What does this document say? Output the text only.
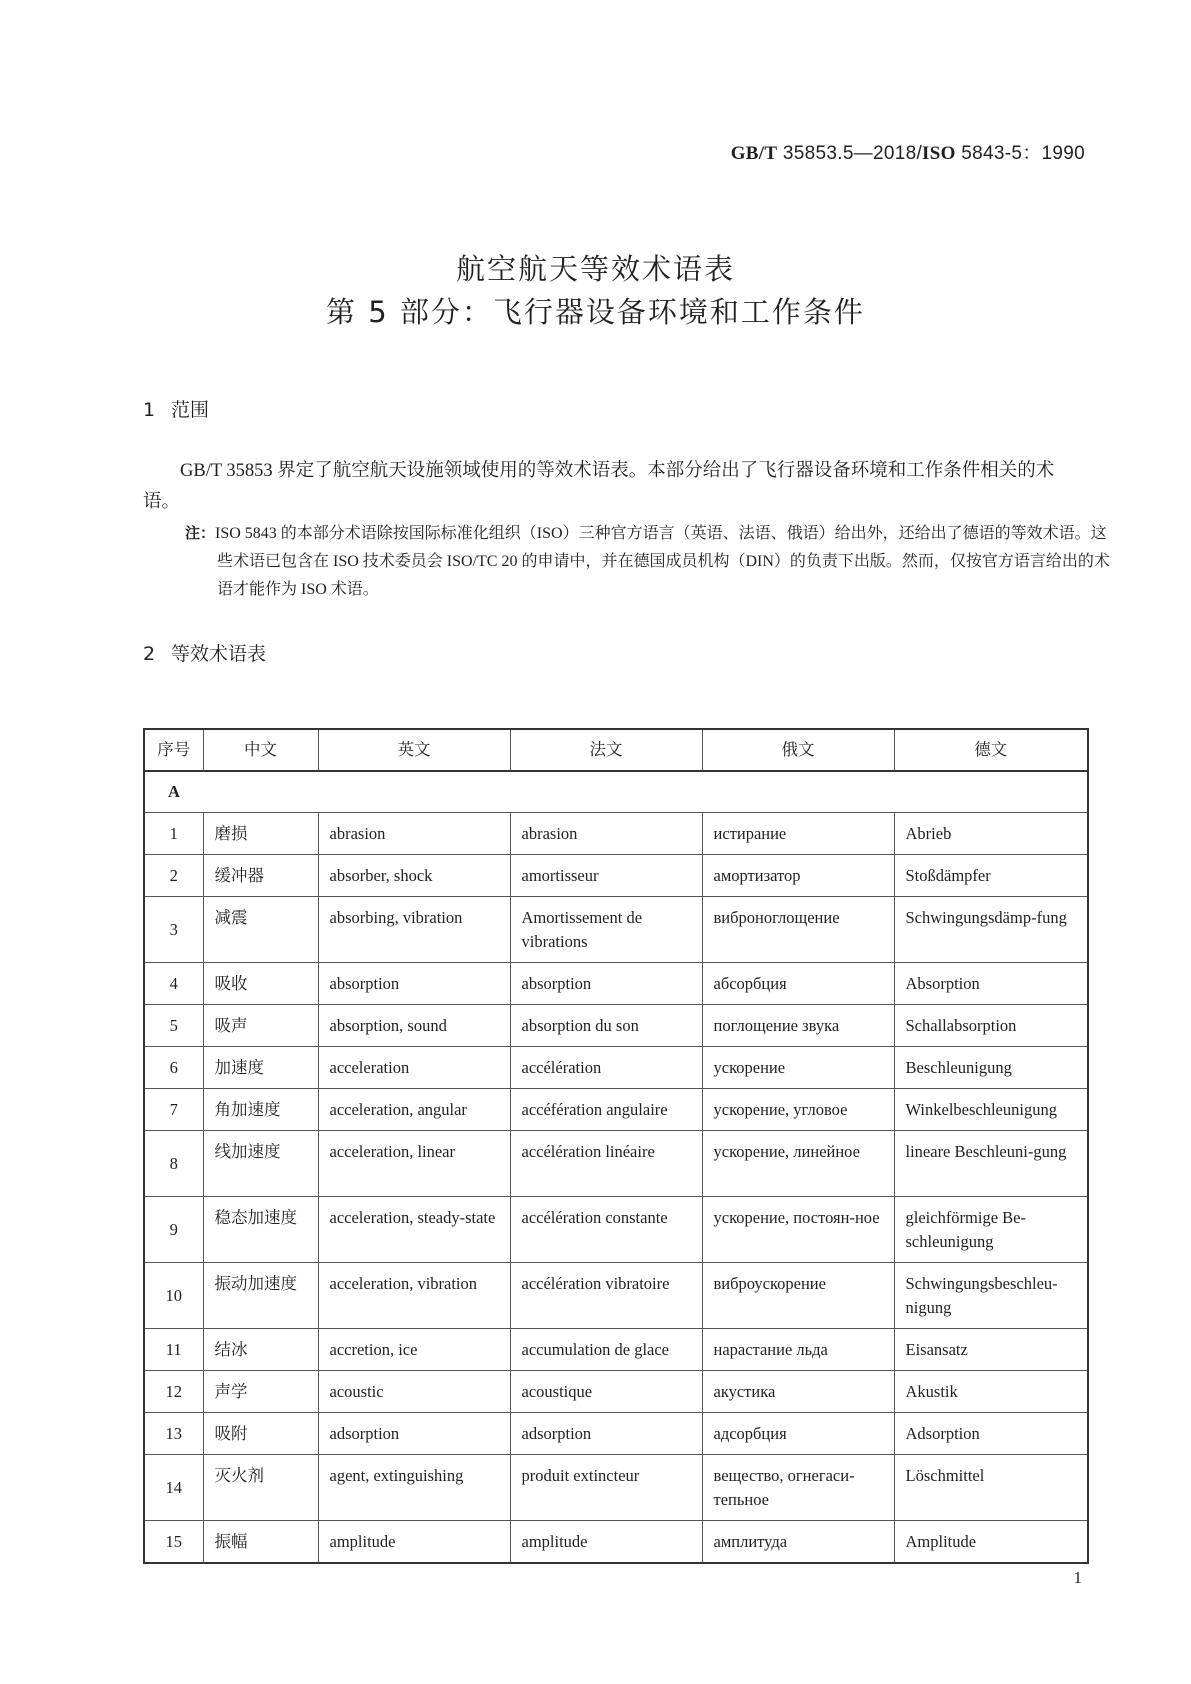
GB/T 35853.5—2018/ISO 5843-5：1990
航空航天等效术语表
第 5 部分：飞行器设备环境和工作条件
1 范围
GB/T 35853 界定了航空航天设施领域使用的等效术语表。本部分给出了飞行器设备环境和工作条件相关的术语。
注：ISO 5843 的本部分术语除按国际标准化组织（ISO）三种官方语言（英语、法语、俄语）给出外，还给出了德语的等效术语。这些术语已包含在 ISO 技术委员会 ISO/TC 20 的申请中，并在德国成员机构（DIN）的负责下出版。然而，仅按官方语言给出的术语才能作为 ISO 术语。
2 等效术语表
序号	中文	英文	法文	俄文	德文
A					
1	磨损	abrasion	abrasion	истирание	Abrieb
2	缓冲器	absorber, shock	amortisseur	амортизатор	Stoßdämpfer
3	减震	absorbing, vibration	Amortissement de vibrations	виброноглощение	Schwingungsdämp-fung
4	吸收	absorption	absorption	абсорбция	Absorption
5	吸声	absorption, sound	absorption du son	поглощение звука	Schallabsorption
6	加速度	acceleration	accélération	ускорение	Beschleunigung
7	角加速度	acceleration, angular	accéfération angulaire	ускорение, угловое	Winkelbeschleunigung
8	线加速度	acceleration, linear	accélération linéaire	ускорение, линейное	lineare Beschleuni-gung
9	稳态加速度	acceleration, steady-state	accélération constante	ускорение, постоян-ное	gleichförmige Be-schleunigung
10	振动加速度	acceleration, vibration	accélération vibratoire	виброускорение	Schwingungsbeschleu-nigung
11	结冰	accretion, ice	accumulation de glace	нарастание льда	Eisansatz
12	声学	acoustic	acoustique	акустика	Akustik
13	吸附	adsorption	adsorption	адсорбция	Adsorption
14	灭火剂	agent, extinguishing	produit extincteur	вещество, огнегаси-тепьное	Löschmittel
15	振幅	amplitude	amplitude	амплитуда	Amplitude
1
